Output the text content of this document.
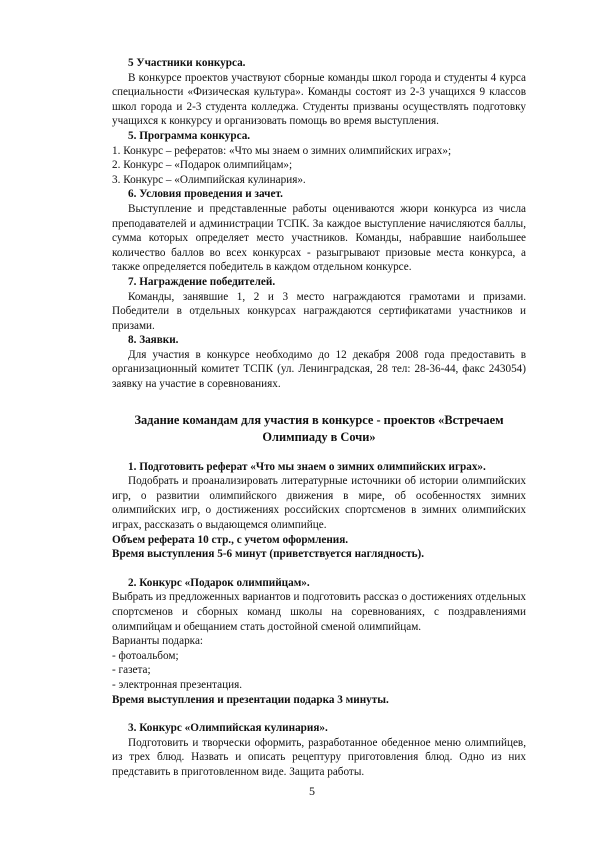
5 Участники конкурса.

В конкурсе проектов участвуют сборные команды школ города и студенты 4 курса специальности «Физическая культура». Команды состоят из 2-3 учащихся 9 классов школ города и 2-3 студента колледжа. Студенты призваны осуществлять подготовку учащихся к конкурсу и организовать помощь во время выступления.

5. Программа конкурса.

1. Конкурс – рефератов: «Что мы знаем о зимних олимпийских играх»;

2. Конкурс – «Подарок олимпийцам»;

3. Конкурс – «Олимпийская кулинария».

6. Условия проведения и зачет.

Выступление и представленные работы оцениваются жюри конкурса из числа преподавателей и администрации ТСПК. За каждое выступление начисляются баллы, сумма которых определяет место участников. Команды, набравшие наибольшее количество баллов во всех конкурсах - разыгрывают призовые места конкурса, а также определяется победитель в каждом отдельном конкурсе.

7. Награждение победителей.

Команды, занявшие 1, 2 и 3 место награждаются грамотами и призами. Победители в отдельных конкурсах награждаются сертификатами участников и призами.

8. Заявки.

Для участия в конкурсе необходимо до 12 декабря 2008 года предоставить в организационный комитет ТСПК (ул. Ленинградская, 28 тел: 28-36-44, факс 243054) заявку на участие в соревнованиях.

Задание командам для участия в конкурсе - проектов «Встречаем

Олимпиаду в Сочи»

1. Подготовить реферат «Что мы знаем о зимних олимпийских играх».

Подобрать и проанализировать литературные источники об истории олимпийских игр, о развитии олимпийского движения в мире, об особенностях зимних олимпийских игр, о достижениях российских спортсменов в зимних олимпийских играх, рассказать о выдающемся олимпийце.

Объем реферата 10 стр., с учетом оформления.

Время выступления 5-6 минут (приветствуется наглядность).

2. Конкурс «Подарок олимпийцам».

Выбрать из предложенных вариантов и подготовить рассказ о достижениях отдельных спортсменов и сборных команд школы на соревнованиях, с поздравлениями олимпийцам и обещанием стать достойной сменой олимпийцам.

Варианты подарка:

- фотоальбом;

- газета;

- электронная презентация.

Время выступления и презентации подарка 3 минуты.

3. Конкурс «Олимпийская кулинария».

Подготовить и творчески оформить, разработанное обеденное меню олимпийцев, из трех блюд. Назвать и описать рецептуру приготовления блюд. Одно из них представить в приготовленном виде. Защита работы.

5
